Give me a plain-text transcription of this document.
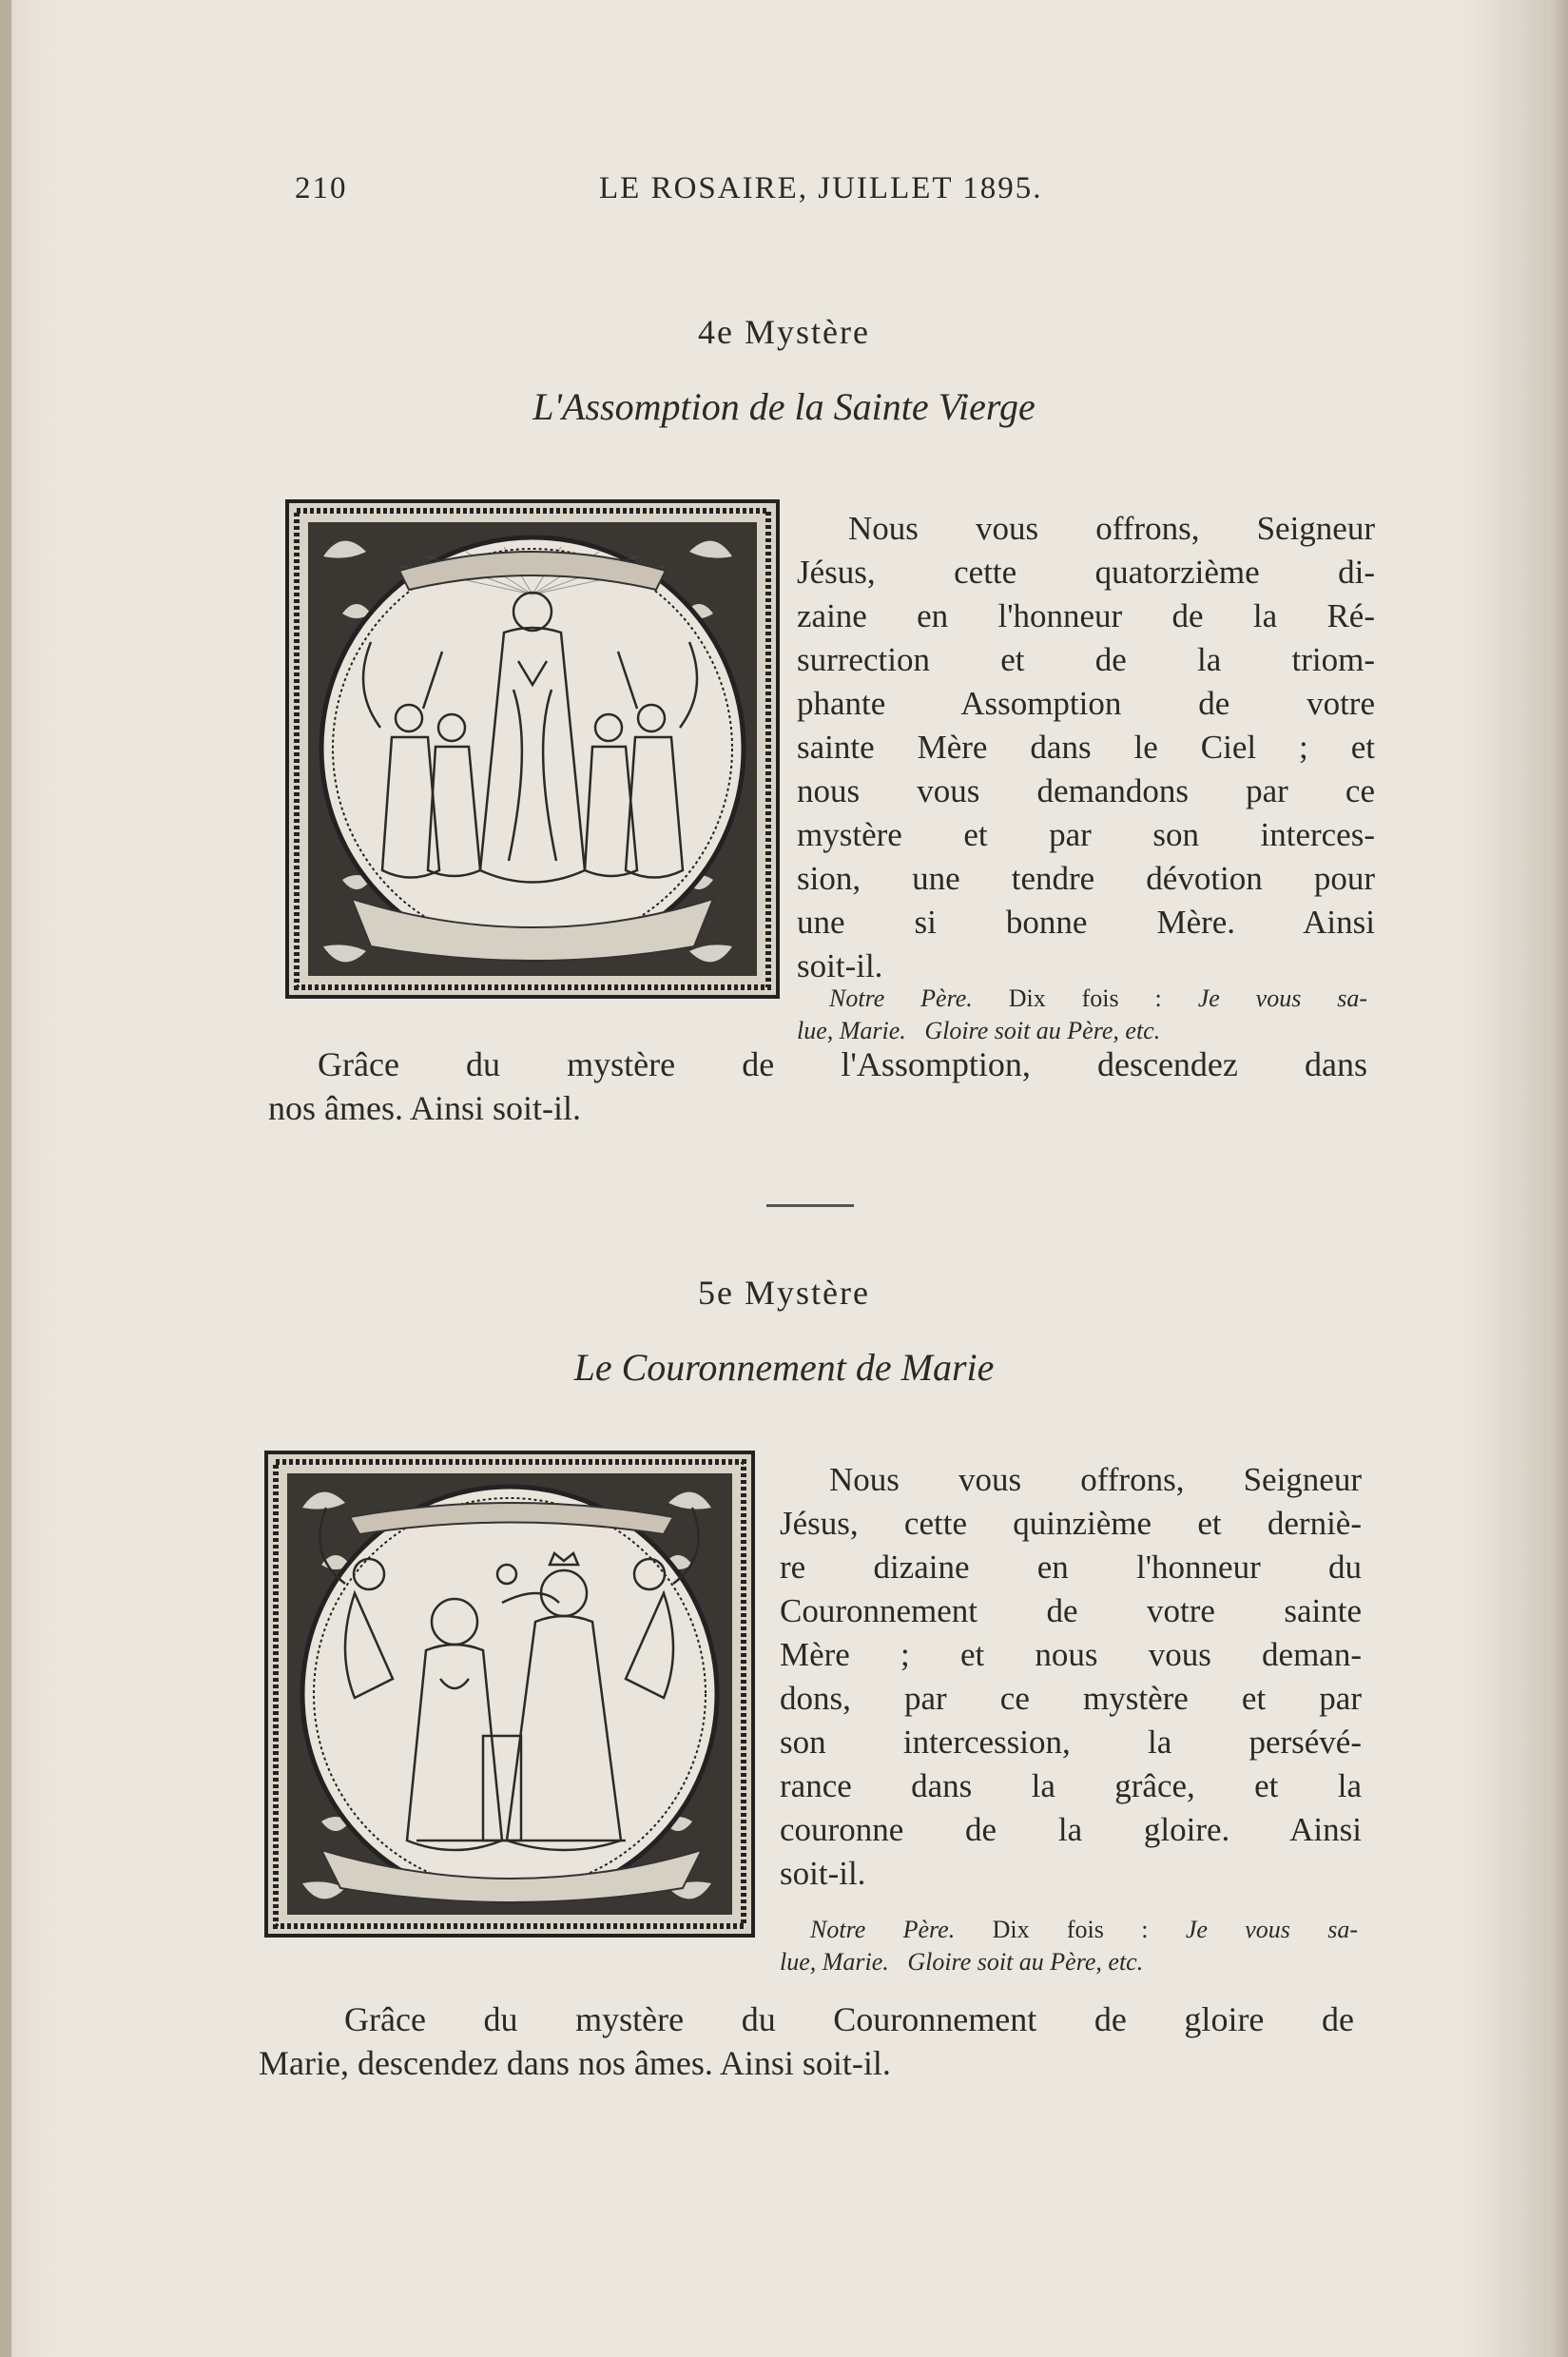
210	LE ROSAIRE, JUILLET 1895.
4e Mystère
L'Assomption de la Sainte Vierge
Nous vous offrons, Seigneur
Jésus, cette quatorzième di-
zaine en l'honneur de la Ré-
surrection et de la triom-
phante Assomption de votre
sainte Mère dans le Ciel ; et
nous vous demandons par ce
mystère et par son interces-
sion, une tendre dévotion pour
une si bonne Mère. Ainsi
soit-il.
Notre Père. Dix fois : Je vous sa-
lue, Marie. Gloire soit au Père, etc.
Grâce du mystère de l'Assomption, descendez dans
nos âmes. Ainsi soit-il.
5e Mystère
Le Couronnement de Marie
Nous vous offrons, Seigneur
Jésus, cette quinzième et derniè-
re dizaine en l'honneur du
Couronnement de votre sainte
Mère ; et nous vous deman-
dons, par ce mystère et par
son intercession, la persévé-
rance dans la grâce, et la
couronne de la gloire. Ainsi
soit-il.
Notre Père. Dix fois : Je vous sa-
lue, Marie. Gloire soit au Père, etc.
Grâce du mystère du Couronnement de gloire de
Marie, descendez dans nos âmes. Ainsi soit-il.
